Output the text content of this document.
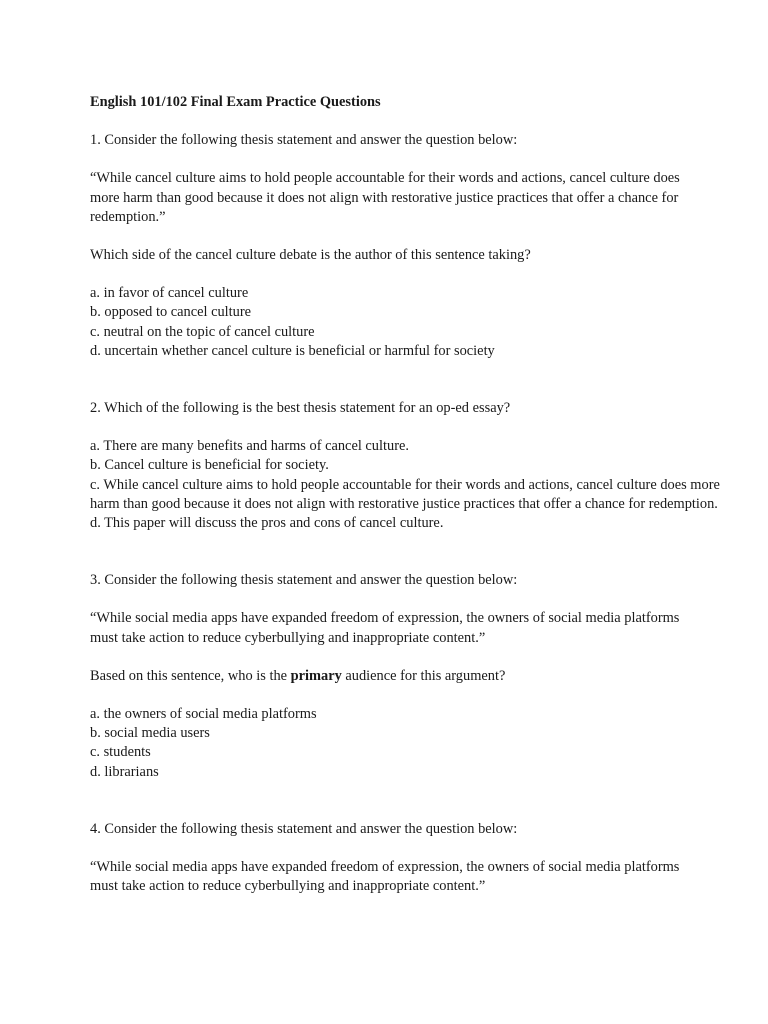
English 101/102 Final Exam Practice Questions

1. Consider the following thesis statement and answer the question below:

“While cancel culture aims to hold people accountable for their words and actions, cancel culture does more harm than good because it does not align with restorative justice practices that offer a chance for redemption.”

Which side of the cancel culture debate is the author of this sentence taking?

a. in favor of cancel culture
b. opposed to cancel culture
c. neutral on the topic of cancel culture
d. uncertain whether cancel culture is beneficial or harmful for society

2. Which of the following is the best thesis statement for an op-ed essay?

a. There are many benefits and harms of cancel culture.
b. Cancel culture is beneficial for society.
c. While cancel culture aims to hold people accountable for their words and actions, cancel culture does more harm than good because it does not align with restorative justice practices that offer a chance for redemption.
d. This paper will discuss the pros and cons of cancel culture.

3. Consider the following thesis statement and answer the question below:

“While social media apps have expanded freedom of expression, the owners of social media platforms must take action to reduce cyberbullying and inappropriate content.”

Based on this sentence, who is the primary audience for this argument?

a. the owners of social media platforms
b. social media users
c. students
d. librarians

4. Consider the following thesis statement and answer the question below:

“While social media apps have expanded freedom of expression, the owners of social media platforms must take action to reduce cyberbullying and inappropriate content.”
